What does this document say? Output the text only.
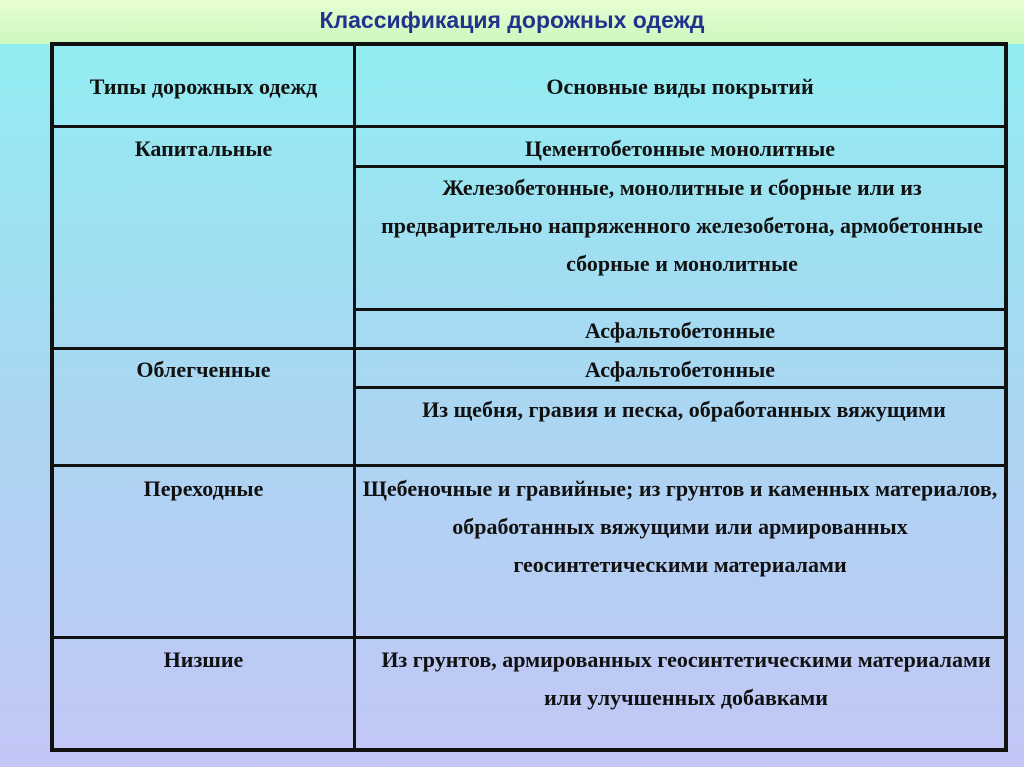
Классификация дорожных одежд
Типы дорожных одежд	Основные виды покрытий
Капитальные	Цементобетонные монолитные
Железобетонные, монолитные и сборные или из предварительно напряженного железобетона, армобетонные сборные и монолитные
Асфальтобетонные
Облегченные	Асфальтобетонные
Из щебня, гравия и песка, обработанных вяжущими
Переходные	Щебеночные и гравийные; из грунтов и каменных материалов, обработанных вяжущими или армированных геосинтетическими материалами
Низшие	Из грунтов, армированных геосинтетическими материалами или улучшенных добавками
